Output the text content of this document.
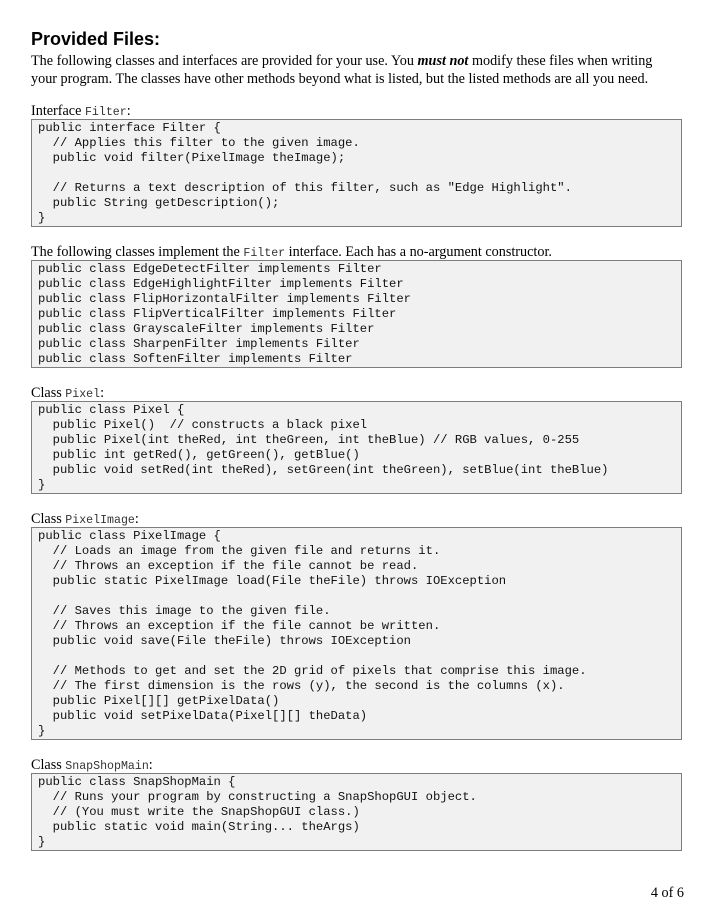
Provided Files:

The following classes and interfaces are provided for your use. You must not modify these files when writing

your program. The classes have other methods beyond what is listed, but the listed methods are all you need.

Interface Filter:
public interface Filter {
// Applies this filter to the given image.
public void filter(PixelImage theImage);
// Returns a text description of this filter, such as "Edge Highlight".
public String getDescription();
}
The following classes implement the Filter interface. Each has a no-argument constructor.
public class EdgeDetectFilter implements Filter
public class EdgeHighlightFilter implements Filter
public class FlipHorizontalFilter implements Filter
public class FlipVerticalFilter implements Filter
public class GrayscaleFilter implements Filter
public class SharpenFilter implements Filter
public class SoftenFilter implements Filter
Class Pixel:
public class Pixel {
public Pixel()  // constructs a black pixel
public Pixel(int theRed, int theGreen, int theBlue) // RGB values, 0-255
public int getRed(), getGreen(), getBlue()
public void setRed(int theRed), setGreen(int theGreen), setBlue(int theBlue)
}
Class PixelImage:
public class PixelImage {
// Loads an image from the given file and returns it.
// Throws an exception if the file cannot be read.
public static PixelImage load(File theFile) throws IOException
// Saves this image to the given file.
// Throws an exception if the file cannot be written.
public void save(File theFile) throws IOException
// Methods to get and set the 2D grid of pixels that comprise this image.
// The first dimension is the rows (y), the second is the columns (x).
public Pixel[][] getPixelData()
public void setPixelData(Pixel[][] theData)
}
Class SnapShopMain:
public class SnapShopMain {
// Runs your program by constructing a SnapShopGUI object.
// (You must write the SnapShopGUI class.)
public static void main(String... theArgs)
}
4 of 6
